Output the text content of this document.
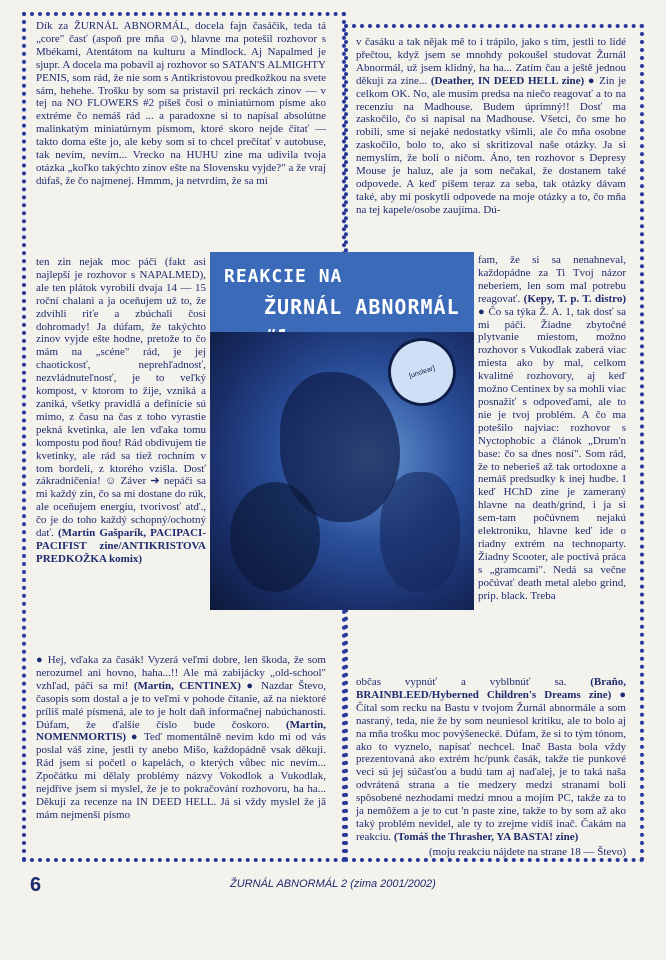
Dík za ŽURNÁL ABNORMÁL, docela fajn časáčik, teda tá „core" časť (aspoň pre mňa ☺), hlavne ma potešil rozhovor s Mbékami, Atentátom na kulturu a Mindlock. Aj Napalmed je sjupr. A docela ma pobavil aj rozhovor so SATAN'S ALMIGHTY PENIS, som rád, že nie som s Antikristovou predkožkou na svete sám, hehehe. Trošku by som sa pristavil pri reckách zinov — v tej na NO FLOWERS #2 píšeš čosi o miniatúrnom písme ako extréme čo nemáš rád ... a paradoxne si to napísal absolútne malinkatým miniatúrnym písmom, ktoré skoro nejde čítať — takto doma ešte jo, ale keby som si to chcel prečítať v autobuse, tak nevím, nevím... Vrecko na HUHU zine ma udivila tvoja otázka „koľko takýchto zinov ešte na Slovensku vyjde?" a že vraj dúfaš, že čo najmenej. Hmmm, ja netvrdím, že sa mi

ten zin nejak moc páči (fakt asi najlepší je rozhovor s NAPALMED), ale ten plátok vyrobili dvaja 14 — 15 roční chalani a ja oceňujem už to, že zdvihli riťe a zbúchali čosi dohromady! Ja dúfam, že takýchto zinov vyjde ešte hodne, pretože to čo mám na „scéne" rád, je jej chaotickosť, neprehľadnosť, nezvládnuteľnosť, je to veľký kompost, v ktorom to žije, vzniká a zaniká, všetky pravidlá a definície sú mimo, z času na čas z toho vyrastie pekná kvetinka, ale len vďaka tomu kompostu pod ňou! Rád obdivujem tie kvetinky, ale rád sa tiež rochním v tom bordeli, z ktorého vzišla. Dosť zákradničenia! ☺ Záver ➔ nepáči sa mi každý zin, čo sa mi dostane do rúk, ale oceňujem energiu, tvorivosť atď., čo je do toho každý schopný/ochotný dať. (Martin Gašparík, PACIPACI-PACIFIST zine/ANTIKRISTOVA PREDKOŽKA komix)

REAKCIE NA
ŽURNÁL ABNORMÁL
[unclear]

● Hej, vďaka za časák! Vyzerá veľmi dobre, len škoda, že som nerozumel ani hovno, haha...!! Ale má zabijácky „old-school" vzhľad, páči sa mi! (Martin, CENTINEX) ● Nazdar Števo, časopis som dostal a je to veľmi v pohode čítanie, až na niektoré príliš malé písmená, ale to je holt daň informačnej nabúchanosti. Dúfam, že ďalšie číslo bude čoskoro. (Martin, NOMENMORTIS) ● Teď momentálně nevím kdo mi od vás poslal váš zine, jestli ty anebo Mišo, každopádně vsak děkuji. Rád jsem si početl o kapelách, o kterých vůbec nic nevím... Zpočátku mi dělaly problémy názvy Vokodlok a Vukodlak, nejdříve jsem si myslel, že je to pokračování rozhovoru, ha ha... Děkuji za recenze na IN DEED HELL. Já si vždy myslel že jā mám nejmenší písmo

v časáku a tak nějak mě to i trápilo, jako s tím, jestli to lidé přečtou, když jsem se mnohdy pokoušel studovat Žurnál Abnormál, už jsem klidný, ha ha... Zatím čau a ještě jednou děkuji za zine... (Deather, IN DEED HELL zine) ● Zin je celkom OK. No, ale musím predsa na niečo reagovať a to na recenziu na Madhouse. Budem úprimný!! Dosť ma zaskočilo, čo si napísal na Madhouse. Všetci, čo sme ho robili, sme si nejaké nedostatky všimli, ale čo mňa osobne zaskočilo, bolo to, ako si skritizoval naše otázky. Ja si nemyslím, že boli o ničom. Áno, ten rozhovor s Depresy Mouse je haluz, ale ja som nečakal, že dostanem také odpovede. A keď píšem teraz za seba, tak otázky dávam také, aby mi poskytli odpovede na moje otázky a to, čo mňa na tej kapele/osobe zaujíma. Dú-

fam, že si sa nenahneval, každopádne za Ti Tvoj názor neberiem, len som mal potrebu reagovať. (Kepy, T. p. T. distro) ● Čo sa týka Ž. A. 1, tak dosť sa mi páči. Žiadne zbytočné plytvanie miestom, možno rozhovor s Vukodlak zaberá viac miesta ako by mal, celkom kvalitné rozhovory, aj keď možno Centinex by sa mohli viac posnažiť s odpoveďami, ale to nie je tvoj problém. A čo ma potešilo najviac: rozhovor s Nyctophobic a článok „Drum'n base: čo sa dnes nosí". Som rád, že to neberieš až tak ortodoxne a nemáš predsudky k inej hudbe. I keď HChD zine je zameraný hlavne na death/grind, i ja si sem-tam počúvnem nejakú elektroniku, hlavne keď ide o riadny extrém na technoparty. Žiadny Scooter, ale poctivá práca s „gramcami". Nedá sa večne počúvať death metal alebo grind, prip. black. Treba

občas vypnúť a vyblbnúť sa. (Braňo, BRAINBLEED/Hyberned Children's Dreams zine) ● Čítal som recku na Bastu v tvojom Žurnál abnormále a som nasraný, teda, nie že by som neuniesol kritiku, ale to bolo aj na mňa trošku moc povýšenecké. Dúfam, že si to tým tónom, ako to vyznelo, napísať nechcel. Inač Basta bola vždy prezentovaná ako extrém hc/punk časák, takže tie punkové veci sú jej súčasťou a budú tam aj naďalej, je to taká naša odvrátená strana a tie medzery medzi stranami boli spôsobené nezhodami medzi mnou a mojím PC, takže za to ja nemôžem a je to cut 'n paste zine, takže to by som až ako taký problém nevidel, ale ty to zrejme vidíš inač. Čakám na reakciu. (Tomáš the Thrasher, YA BASTA! zine)

(moju reakciu nájdete na strane 18 — Števo)

6	ŽURNÁL ABNORMÁL 2 (zima 2001/2002)
